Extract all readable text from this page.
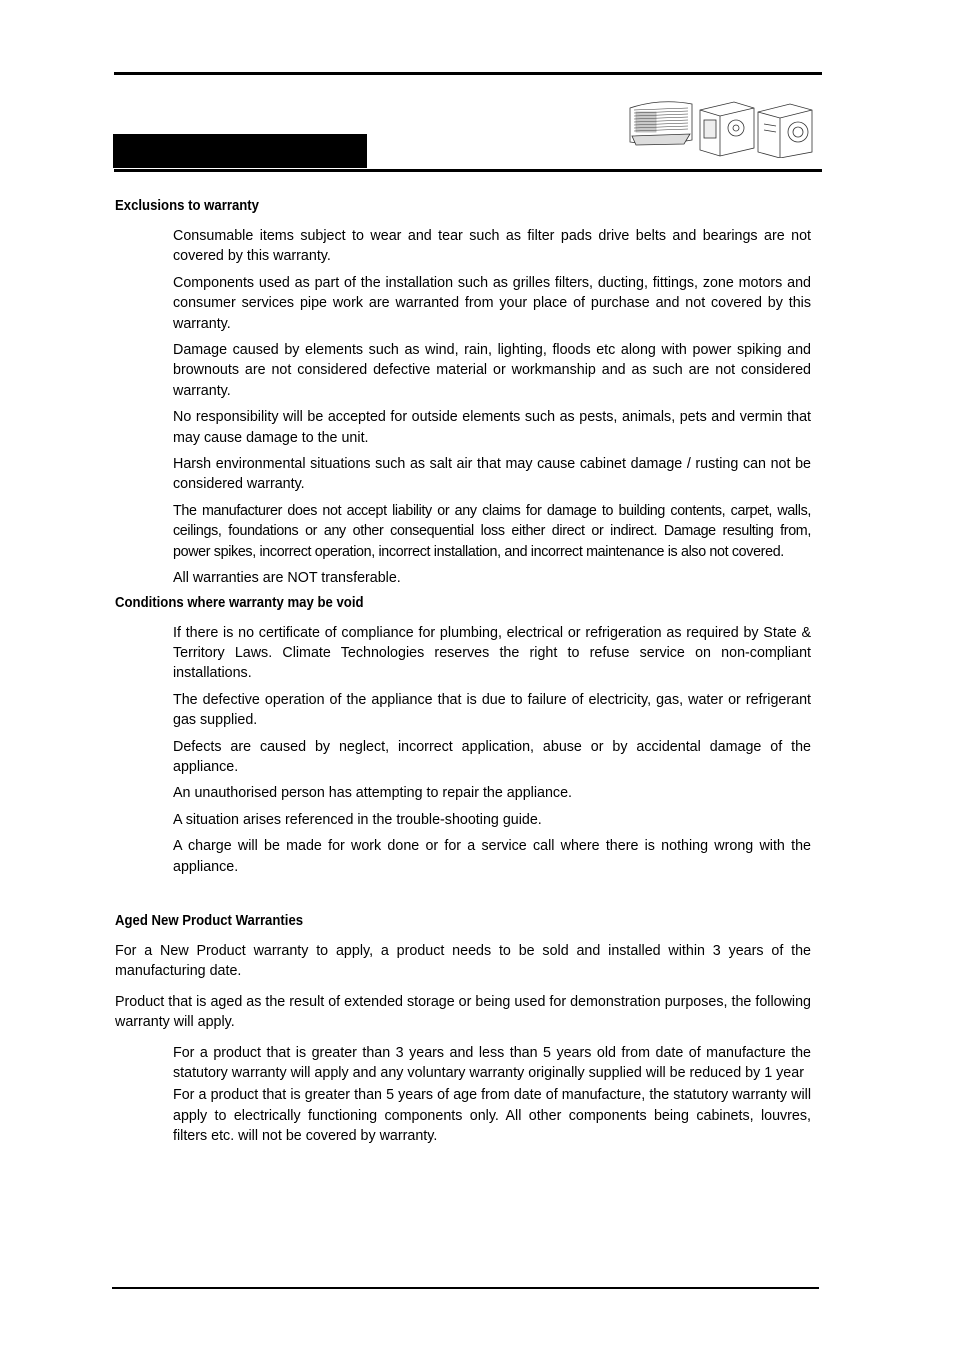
Exclusions to warranty

Consumable items subject to wear and tear such as filter pads drive belts and bearings are not covered by this warranty.

Components used as part of the installation such as grilles filters, ducting, fittings, zone motors and consumer services pipe work are warranted from your place of purchase and not covered by this warranty.

Damage caused by elements such as wind, rain, lighting, floods etc along with power spiking and brownouts are not considered defective material or workmanship and as such are not considered warranty.

No responsibility will be accepted for outside elements such as pests, animals, pets and vermin that may cause damage to the unit.

Harsh environmental situations such as salt air that may cause cabinet damage / rusting can not be considered warranty.

The manufacturer does not accept liability or any claims for damage to building contents, carpet, walls, ceilings, foundations or any other consequential loss either direct or indirect. Damage resulting from, power spikes, incorrect operation, incorrect installation, and incorrect maintenance is also not covered.

All warranties are NOT transferable.

Conditions where warranty may be void

If there is no certificate of compliance for plumbing, electrical or refrigeration as required by State & Territory Laws. Climate Technologies reserves the right to refuse service on non-compliant installations.

The defective operation of the appliance that is due to failure of electricity, gas, water or refrigerant gas supplied.

Defects are caused by neglect, incorrect application, abuse or by accidental damage of the appliance.

An unauthorised person has attempting to repair the appliance.

A situation arises referenced in the trouble-shooting guide.

A charge will be made for work done or for a service call where there is nothing wrong with the appliance.

Aged New Product Warranties

For a New Product warranty to apply, a product needs to be sold and installed within 3 years of the manufacturing date.

Product that is aged as the result of extended storage or being used for demonstration purposes, the following warranty will apply.

For a product that is greater than 3 years and less than 5 years old from date of manufacture the statutory warranty will apply and any voluntary warranty originally supplied will be reduced by 1 year

For a product that is greater than 5 years of age from date of manufacture, the statutory warranty will apply to electrically functioning components only. All other components being cabinets, louvres, filters etc. will not be covered by warranty.
